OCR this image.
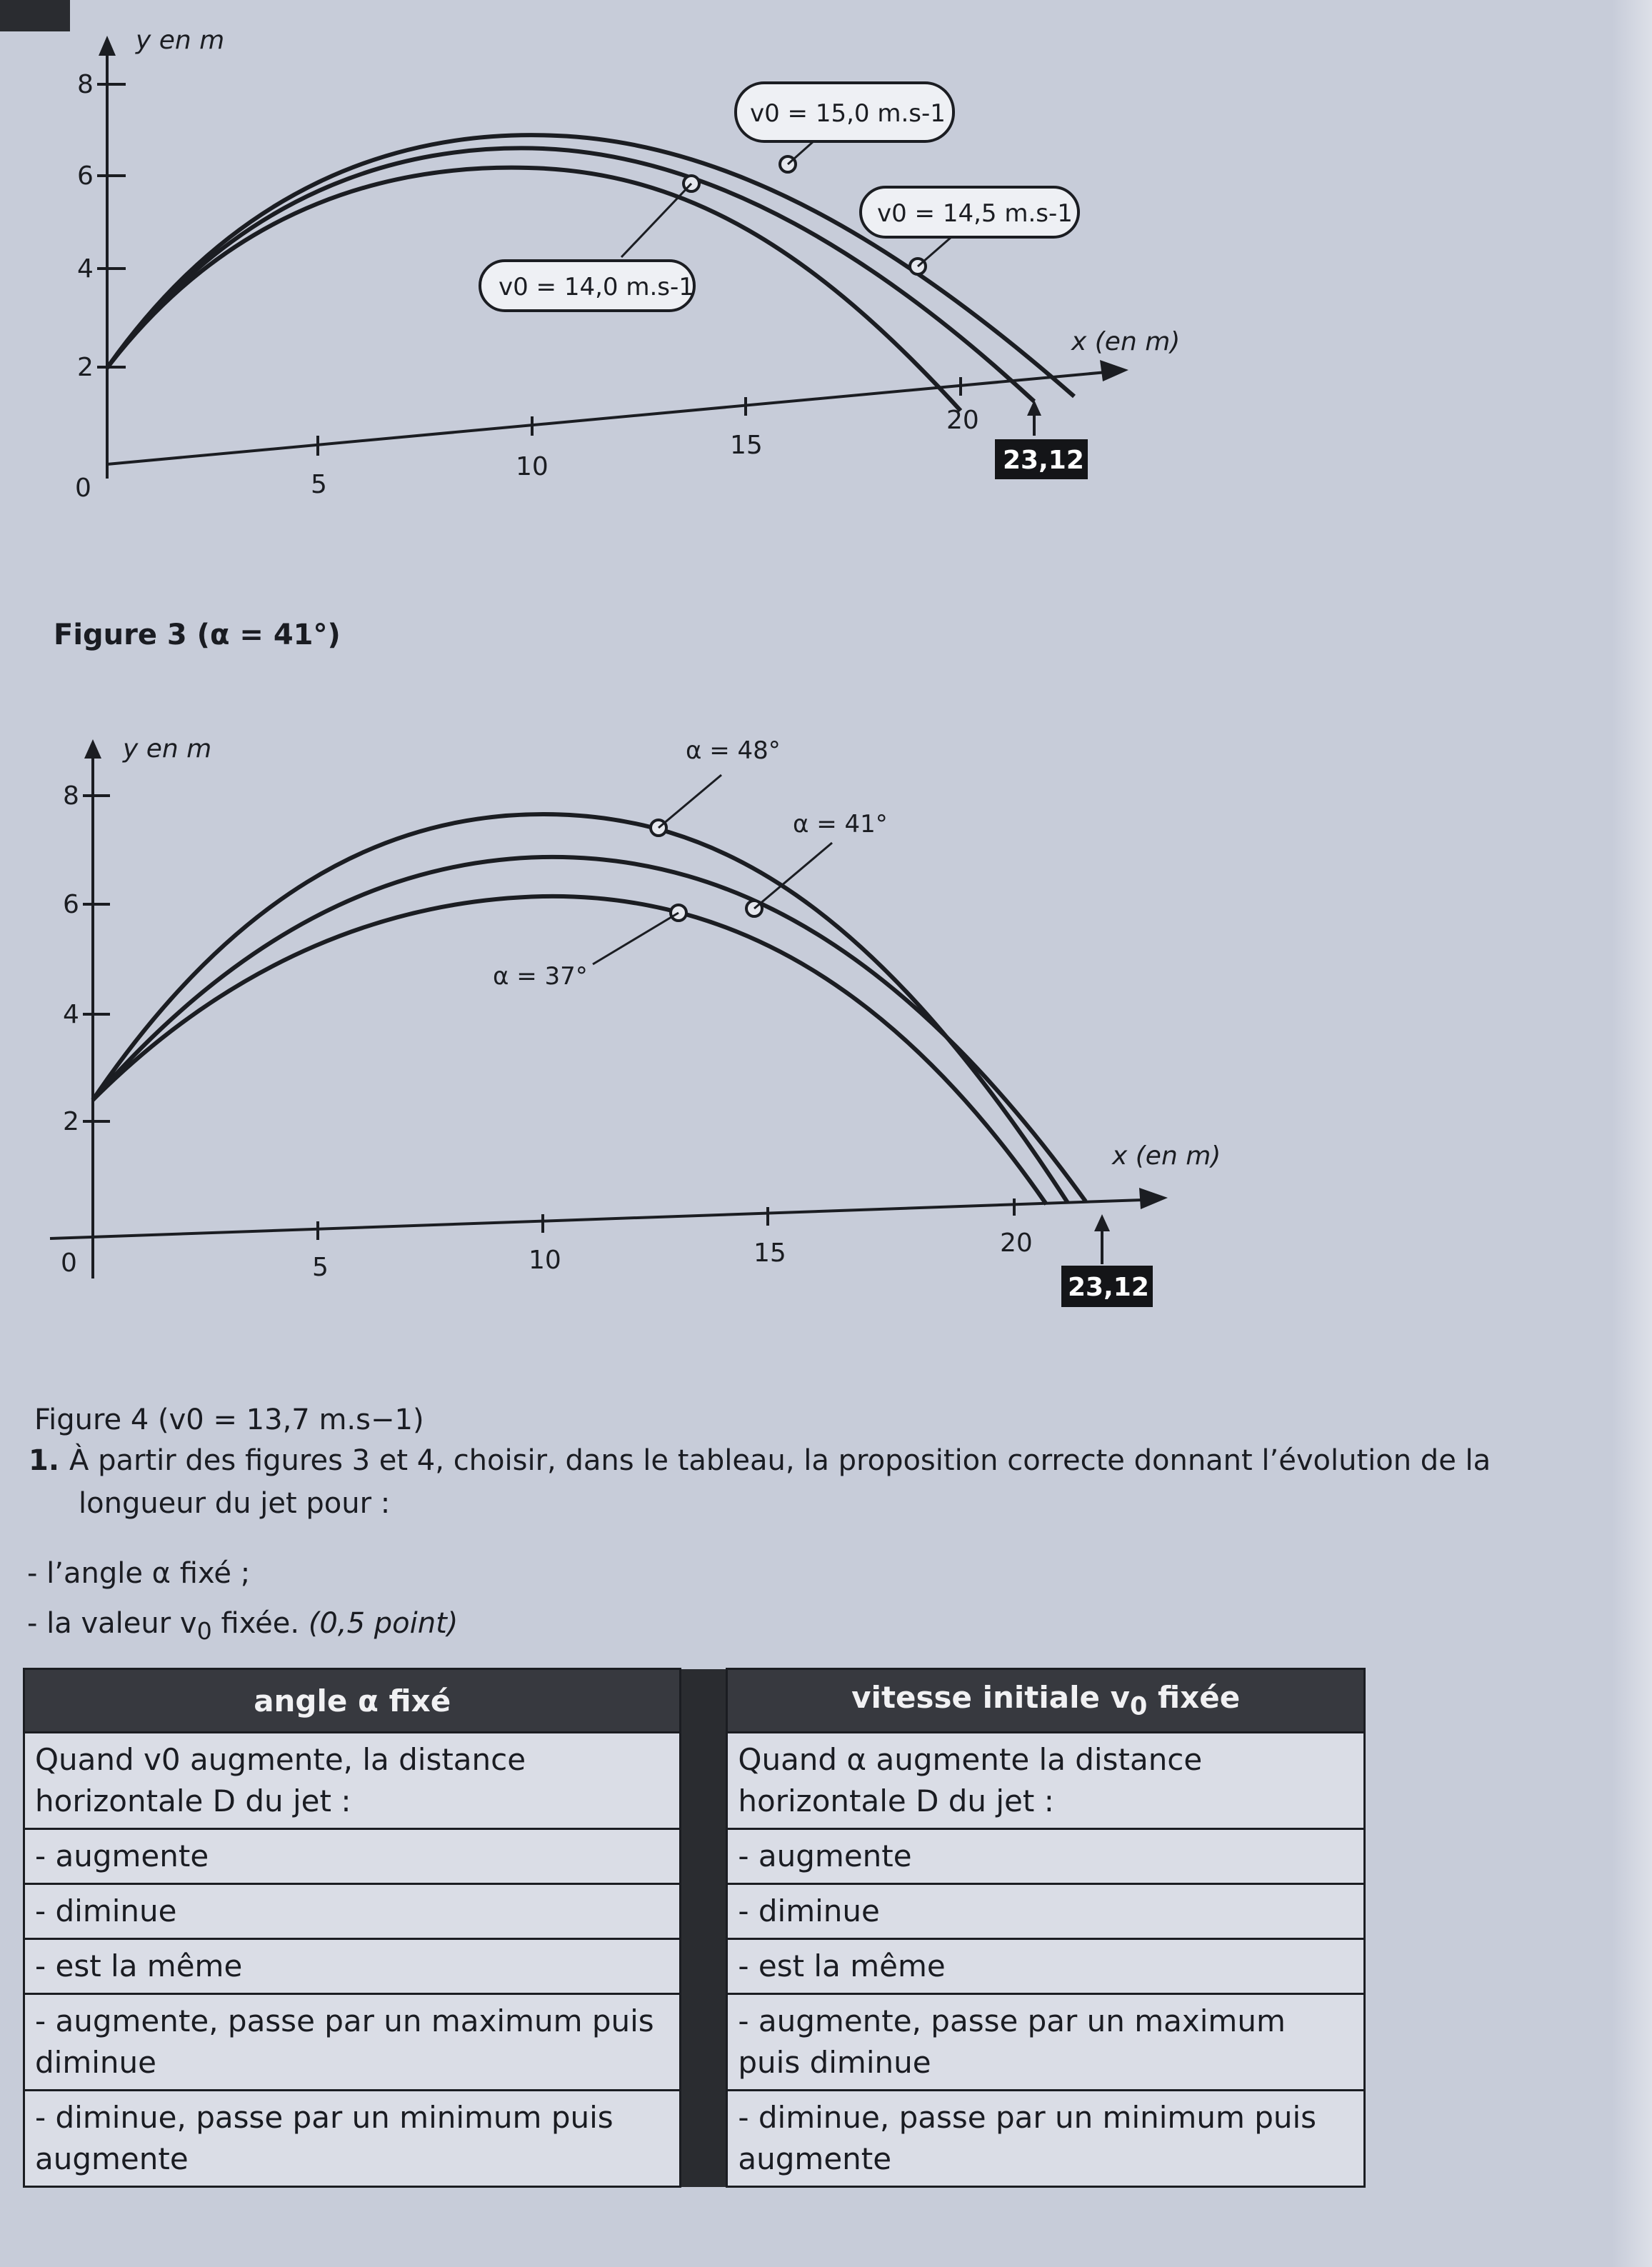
y en m
x (en m)
0
2
4
6
8
5
10
15
20
v0 = 14,0 m.s-1
v0 = 14,5 m.s-1
v0 = 15,0 m.s-1
23,12
Figure 3 (α = 41°)
y en m
x (en m)
0
2
4
6
8
5	10	15	20
α = 37°
α = 41°
α = 48°
23,12
Figure 4 (v0 = 13,7 m.s−1)
1. À partir des figures 3 et 4, choisir, dans le tableau, la proposition correcte donnant l’évolution de la
longueur du jet pour :
- l’angle α fixé ;
- la valeur $v_0$ fixée. (0,5 point)
angle α fixé		vitesse initiale $v_0$ fixée
Quand v0 augmente, la distance horizontale D du jet :		Quand α augmente la distance horizontale D du jet :
- augmente		- augmente
- diminue		- diminue
- est la même		- est la même
- augmente, passe par un maximum puis diminue		- augmente, passe par un maximum puis diminue
- diminue, passe par un minimum puis augmente		- diminue, passe par un minimum puis augmente
